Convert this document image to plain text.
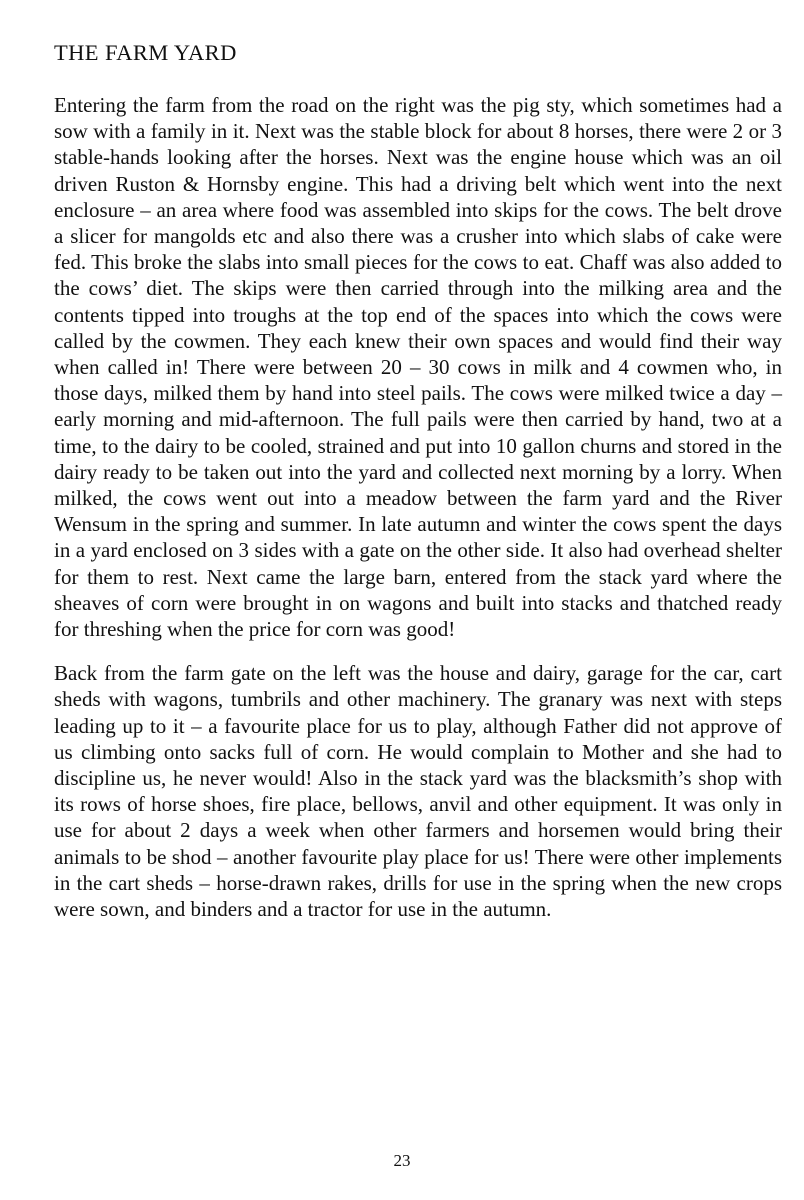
THE FARM YARD

Entering the farm from the road on the right was the pig sty, which sometimes had a sow with a family in it. Next was the stable block for about 8 horses, there were 2 or 3 stable-hands looking after the horses. Next was the engine house which was an oil driven Ruston & Hornsby engine. This had a driving belt which went into the next enclosure – an area where food was assembled into skips for the cows. The belt drove a slicer for mangolds etc and also there was a crusher into which slabs of cake were fed. This broke the slabs into small pieces for the cows to eat. Chaff was also added to the cows’ diet. The skips were then carried through into the milking area and the contents tipped into troughs at the top end of the spaces into which the cows were called by the cowmen. They each knew their own spaces and would find their way when called in! There were between 20 – 30 cows in milk and 4 cowmen who, in those days, milked them by hand into steel pails. The cows were milked twice a day – early morning and mid-afternoon. The full pails were then carried by hand, two at a time, to the dairy to be cooled, strained and put into 10 gallon churns and stored in the dairy ready to be taken out into the yard and collected next morning by a lorry. When milked, the cows went out into a meadow between the farm yard and the River Wensum in the spring and summer. In late autumn and winter the cows spent the days in a yard enclosed on 3 sides with a gate on the other side. It also had overhead shelter for them to rest. Next came the large barn, entered from the stack yard where the sheaves of corn were brought in on wagons and built into stacks and thatched ready for threshing when the price for corn was good!

Back from the farm gate on the left was the house and dairy, garage for the car, cart sheds with wagons, tumbrils and other machinery. The granary was next with steps leading up to it – a favourite place for us to play, although Father did not approve of us climbing onto sacks full of corn. He would complain to Mother and she had to discipline us, he never would! Also in the stack yard was the blacksmith’s shop with its rows of horse shoes, fire place, bellows, anvil and other equipment. It was only in use for about 2 days a week when other farmers and horsemen would bring their animals to be shod – another favourite play place for us! There were other implements in the cart sheds – horse-drawn rakes, drills for use in the spring when the new crops were sown, and binders and a tractor for use in the autumn.

23
